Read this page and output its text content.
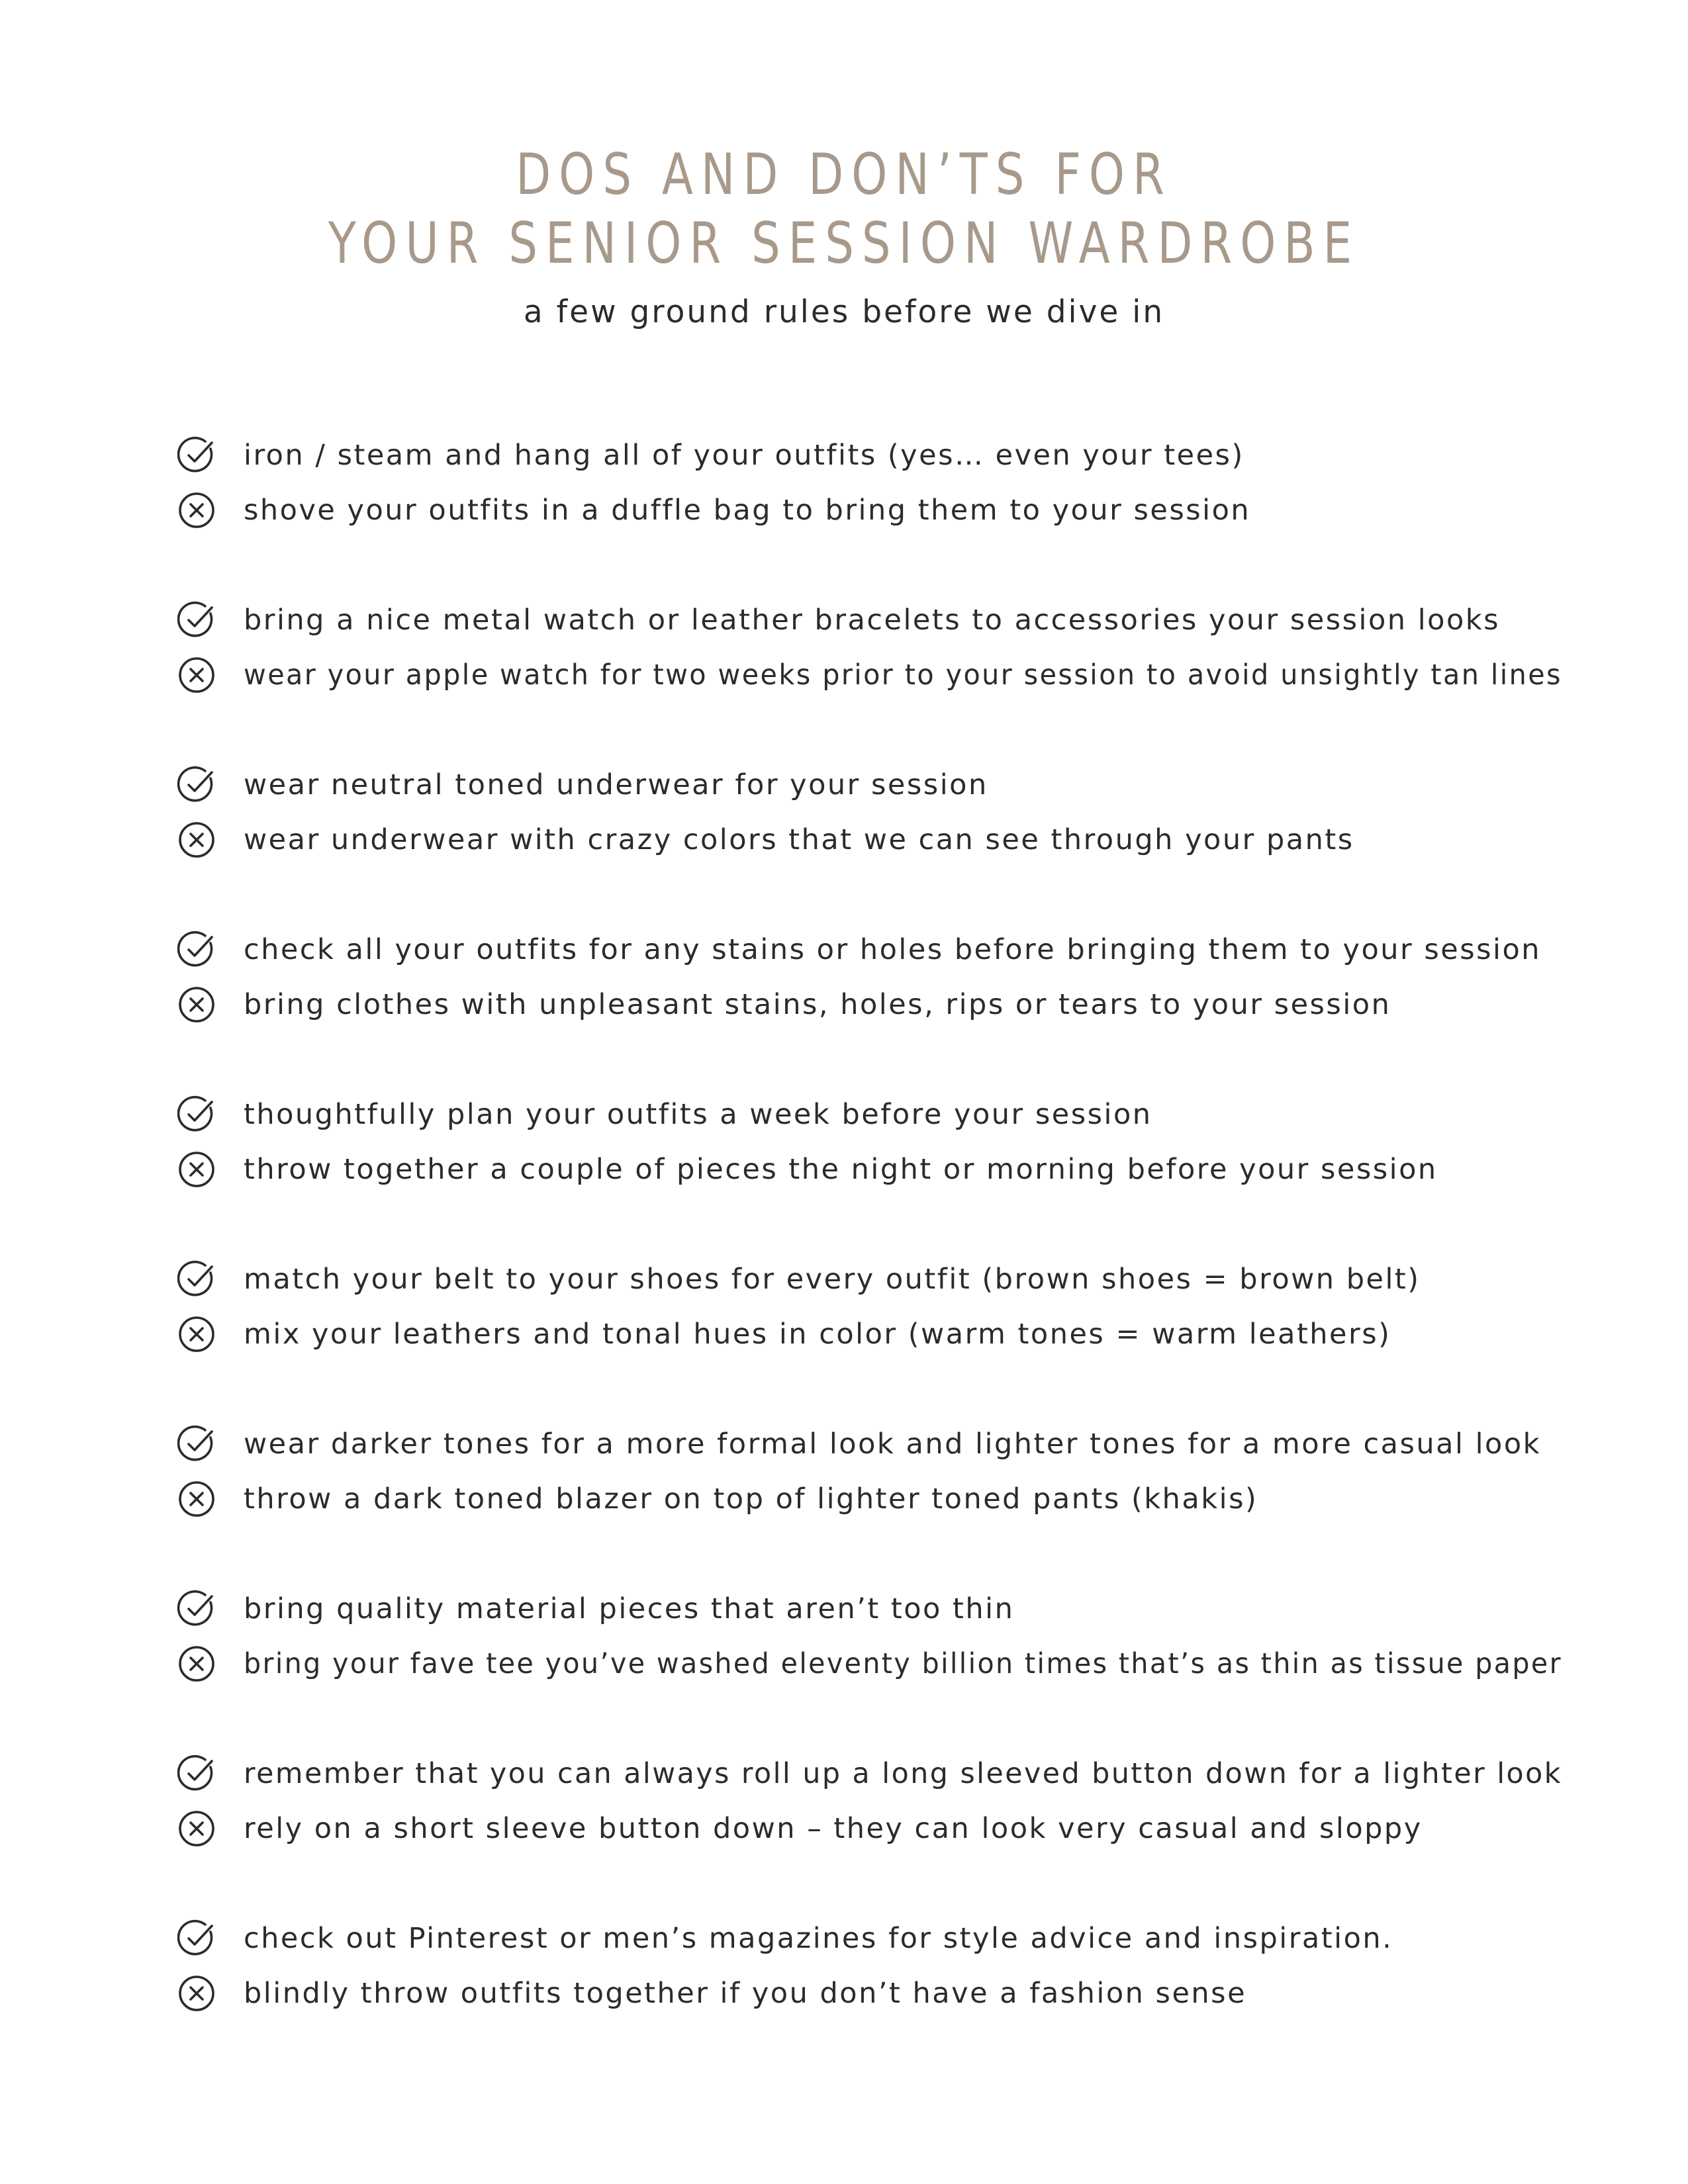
DOS AND DON’TS FOR
YOUR SENIOR SESSION WARDROBE
a few ground rules before we dive in
iron / steam and hang all of your outfits (yes… even your tees)
shove your outfits in a duffle bag to bring them to your session
bring a nice metal watch or leather bracelets to accessories your session looks
wear your apple watch for two weeks prior to your session to avoid unsightly tan lines
wear neutral toned underwear for your session
wear underwear with crazy colors that we can see through your pants
check all your outfits for any stains or holes before bringing them to your session
bring clothes with unpleasant stains, holes, rips or tears to your session
thoughtfully plan your outfits a week before your session
throw together a couple of pieces the night or morning before your session
match your belt to your shoes for every outfit (brown shoes = brown belt)
mix your leathers and tonal hues in color (warm tones = warm leathers)
wear darker tones for a more formal look and lighter tones for a more casual look
throw a dark toned blazer on top of lighter toned pants (khakis)
bring quality material pieces that aren’t too thin
bring your fave tee you’ve washed eleventy billion times that’s as thin as tissue paper
remember that you can always roll up a long sleeved button down for a lighter look
rely on a short sleeve button down – they can look very casual and sloppy
check out Pinterest or men’s magazines for style advice and inspiration.
blindly throw outfits together if you don’t have a fashion sense
